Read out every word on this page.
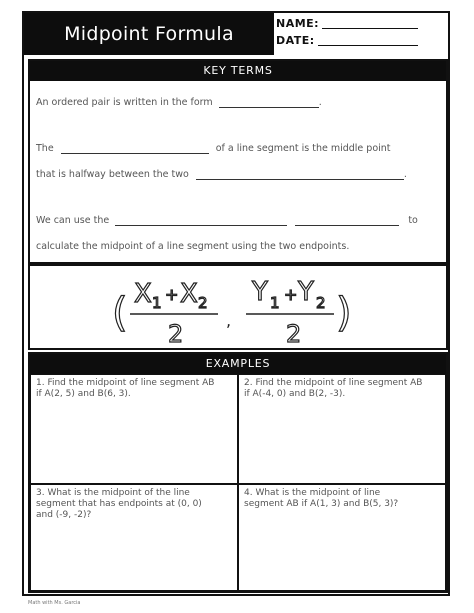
Midpoint Formula	NAME:
DATE:
KEY TERMS
An ordered pair is written in the form	.
The	of a line segment is the middle point
that is halfway between the two	.
We can use the	to
calculate the midpoint of a line segment using the two endpoints.
( X 1 + X 2
2
Y 1 + Y 2
2 )
,
EXAMPLES
1. Find the midpoint of line segment AB
if A(2, 5) and B(6, 3).
2. Find the midpoint of line segment AB
if A(-4, 0) and B(2, -3).
3. What is the midpoint of the line
segment that has endpoints at (0, 0)
and (-9, -2)?
4. What is the midpoint of line
segment AB if A(1, 3) and B(5, 3)?
Math with Ms. Garcia
